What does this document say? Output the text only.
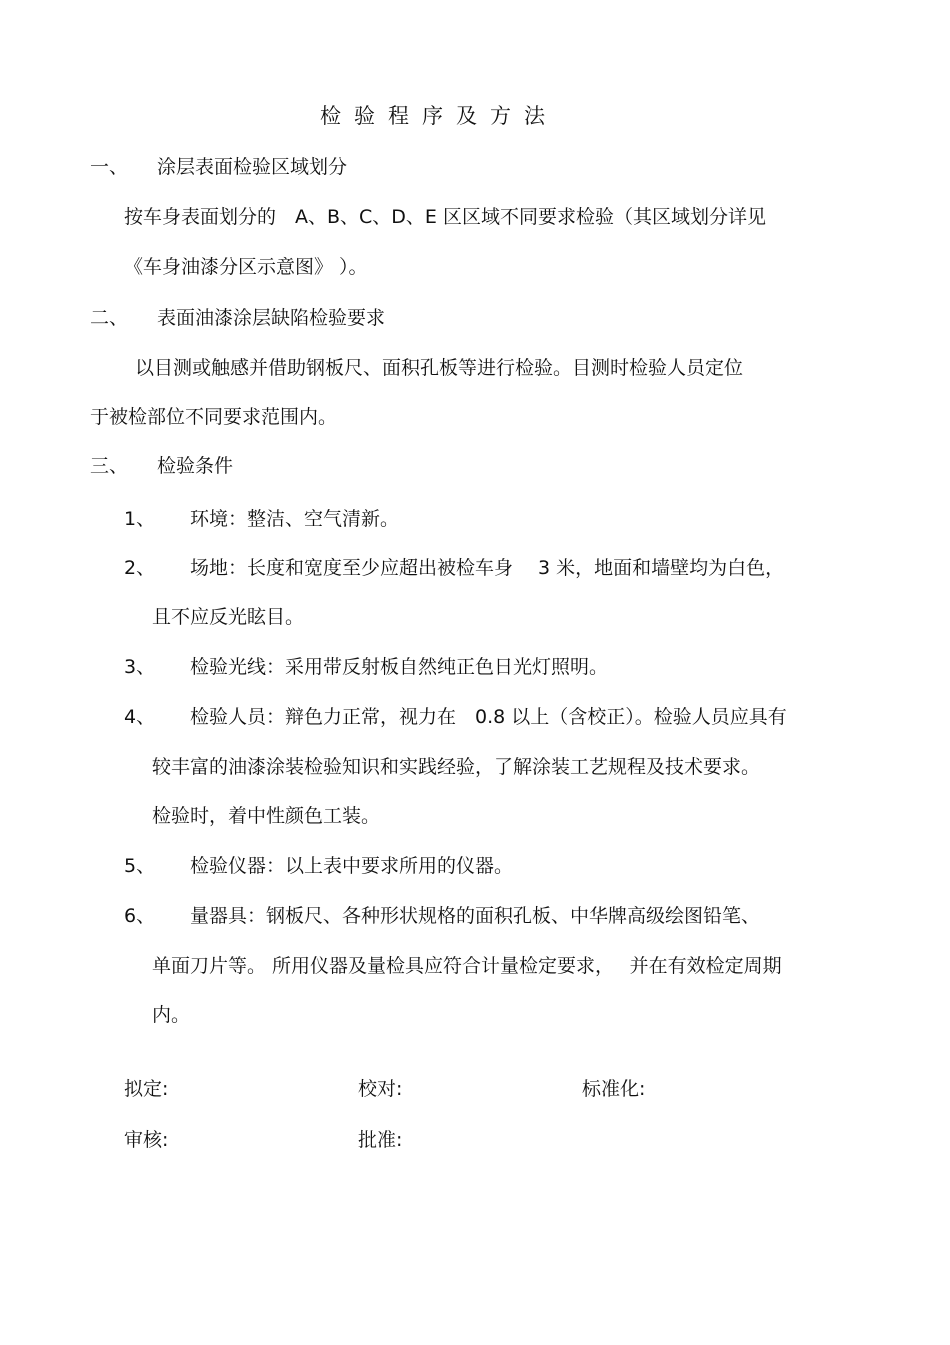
检验程序及方法
一、 涂层表面检验区域划分
按车身表面划分的　A、B、C、D、E 区区域不同要求检验（其区域划分详见
《车身油漆分区示意图》 ）。
二、 表面油漆涂层缺陷检验要求
以目测或触感并借助钢板尺、面积孔板等进行检验。目测时检验人员定位
于被检部位不同要求范围内。
三、 检验条件
1、 环境：整洁、空气清新。
2、 场地：长度和宽度至少应超出被检车身　 3 米，地面和墙壁均为白色，
且不应反光眩目。
3、 检验光线：采用带反射板自然纯正色日光灯照明。
4、 检验人员：辩色力正常，视力在　0.8 以上（含校正）。检验人员应具有
较丰富的油漆涂装检验知识和实践经验，了解涂装工艺规程及技术要求。
检验时，着中性颜色工装。
5、 检验仪器：以上表中要求所用的仪器。
6、 量器具：钢板尺、各种形状规格的面积孔板、中华牌高级绘图铅笔、
单面刀片等。 所用仪器及量检具应符合计量检定要求，　 并在有效检定周期
内。
拟定:	校对:	标准化:
审核:	批准:
